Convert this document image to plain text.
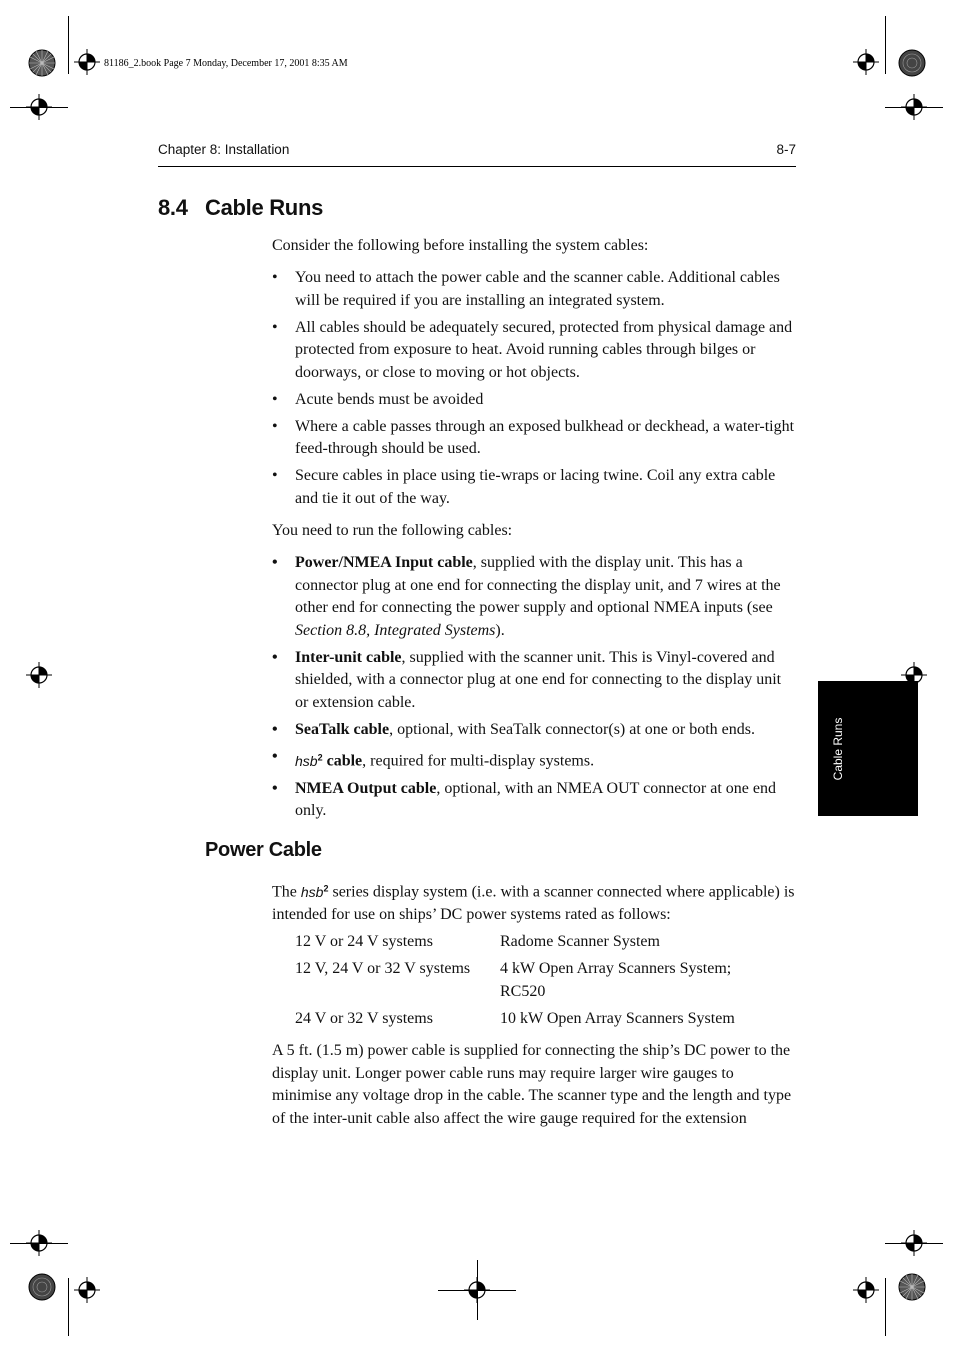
81186_2.book Page 7 Monday, December 17, 2001 8:35 AM
Chapter 8: Installation	8-7
8.4 Cable Runs
Consider the following before installing the system cables:
• You need to attach the power cable and the scanner cable. Additional cables will be required if you are installing an integrated system.
• All cables should be adequately secured, protected from physical damage and protected from exposure to heat. Avoid running cables through bilges or doorways, or close to moving or hot objects.
• Acute bends must be avoided
• Where a cable passes through an exposed bulkhead or deckhead, a water-tight feed-through should be used.
• Secure cables in place using tie-wraps or lacing twine. Coil any extra cable and tie it out of the way.
You need to run the following cables:
• Power/NMEA Input cable, supplied with the display unit. This has a connector plug at one end for connecting the display unit, and 7 wires at the other end for connecting the power supply and optional NMEA inputs (see Section 8.8, Integrated Systems).
• Inter-unit cable, supplied with the scanner unit. This is Vinyl-covered and shielded, with a connector plug at one end for connecting to the display unit or extension cable.
• SeaTalk cable, optional, with SeaTalk connector(s) at one or both ends.
• hsb$^2$ cable, required for multi-display systems.
• NMEA Output cable, optional, with an NMEA OUT connector at one end only.
Power Cable
The hsb$^2$ series display system (i.e. with a scanner connected where applicable) is intended for use on ships’ DC power systems rated as follows:
12 V or 24 V systems	Radome Scanner System
12 V, 24 V or 32 V systems	4 kW Open Array Scanners System; RC520
24 V or 32 V systems	10 kW Open Array Scanners System
A 5 ft. (1.5 m) power cable is supplied for connecting the ship’s DC power to the display unit. Longer power cable runs may require larger wire gauges to minimise any voltage drop in the cable. The scanner type and the length and type of the inter-unit cable also affect the wire gauge required for the extension
Cable Runs
